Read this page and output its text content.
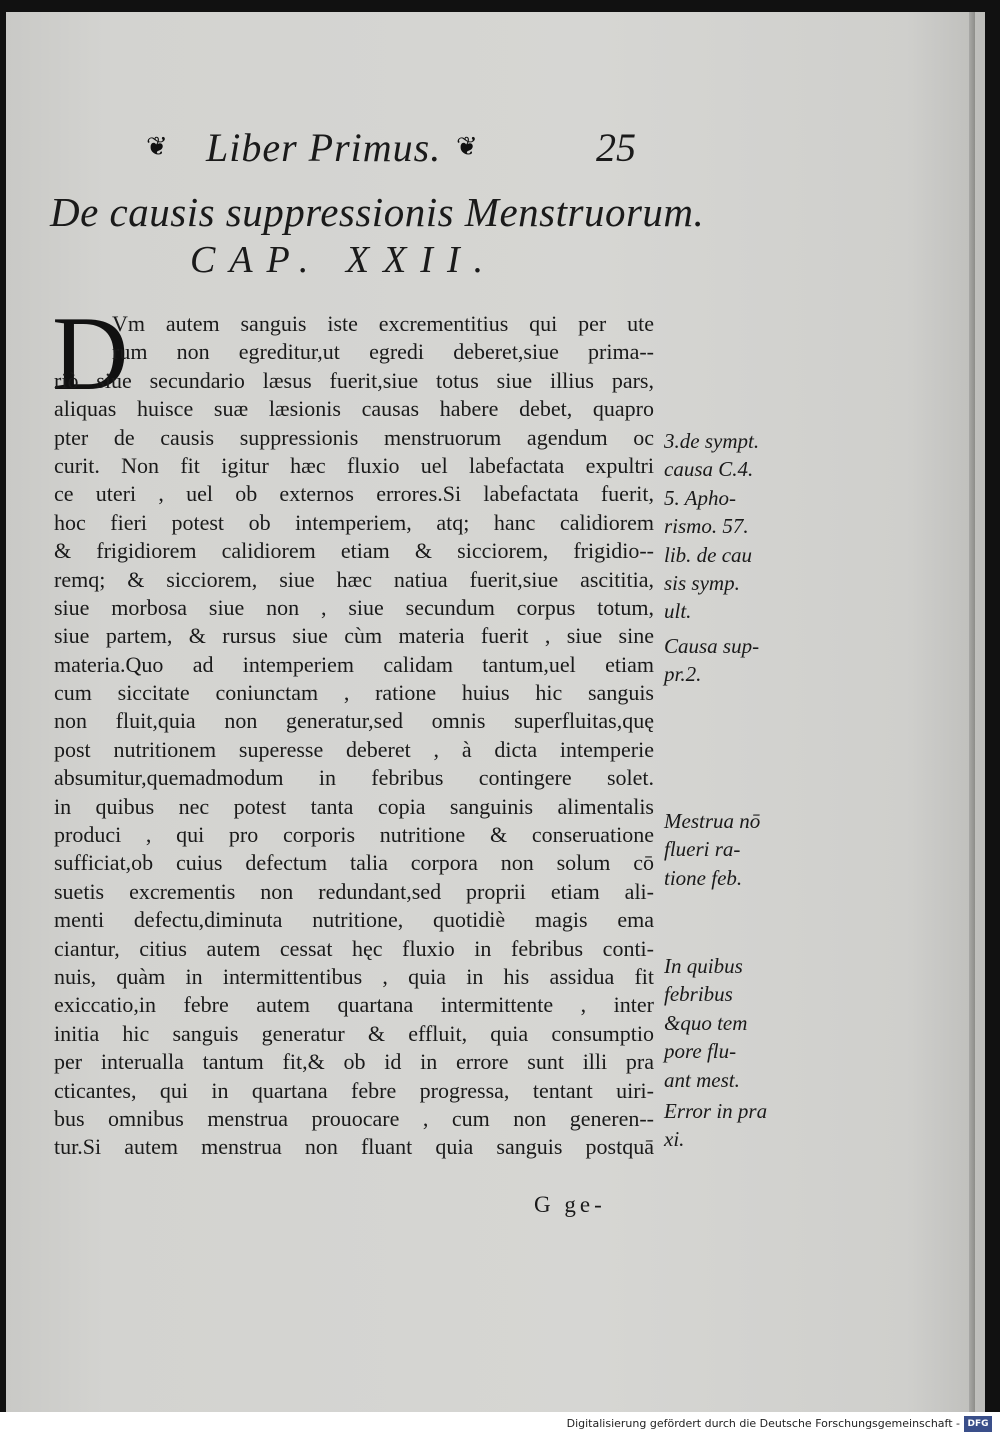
❦ Liber Primus. ❦	25
De causis suppressionis Menstruorum.
CAP. XXII.
D
Vm autem sanguis iste excrementitius qui per ute
rum non egreditur,ut egredi deberet,siue prima--
riò siue secundario læsus fuerit,siue totus siue illius pars,
aliquas huisce suæ læsionis causas habere debet, quapro
pter de causis suppressionis menstruorum agendum oc
curit. Non fit igitur hæc fluxio uel labefactata expultri
ce uteri , uel ob externos errores.Si labefactata fuerit,
hoc fieri potest ob intemperiem, atq; hanc calidiorem
& frigidiorem calidiorem etiam & sicciorem, frigidio--
remq; & sicciorem, siue hæc natiua fuerit,siue ascititia,
siue morbosa siue non , siue secundum corpus totum,
siue partem, & rursus siue cùm materia fuerit , siue sine
materia.Quo ad intemperiem calidam tantum,uel etiam
cum siccitate coniunctam , ratione huius hic sanguis
non fluit,quia non generatur,sed omnis superfluitas,quę
post nutritionem superesse deberet , à dicta intemperie
absumitur,quemadmodum in febribus contingere solet.
in quibus nec potest tanta copia sanguinis alimentalis
produci , qui pro corporis nutritione & conseruatione
sufficiat,ob cuius defectum talia corpora non solum cō
suetis excrementis non redundant,sed proprii etiam ali-
menti defectu,diminuta nutritione, quotidiè magis ema
ciantur, citius autem cessat hęc fluxio in febribus conti-
nuis, quàm in intermittentibus , quia in his assidua fit
exiccatio,in febre autem quartana intermittente , inter
initia hic sanguis generatur & effluit, quia consumptio
per interualla tantum fit,& ob id in errore sunt illi pra
cticantes, qui in quartana febre progressa, tentant uiri-
bus omnibus menstrua prouocare , cum non generen--
tur.Si autem menstrua non fluant quia sanguis postquā
G ge-
3.de sympt.
causa C.4.
5. Apho-
rismo. 57.
lib. de cau
sis symp.
ult.
Causa sup-
pr.2.
Mestrua nō
flueri ra-
tione feb.
In quibus
febribus
&quo tem
pore flu-
ant mest.
Error in pra
xi.
Digitalisierung gefördert durch die Deutsche Forschungsgemeinschaft - DFG
